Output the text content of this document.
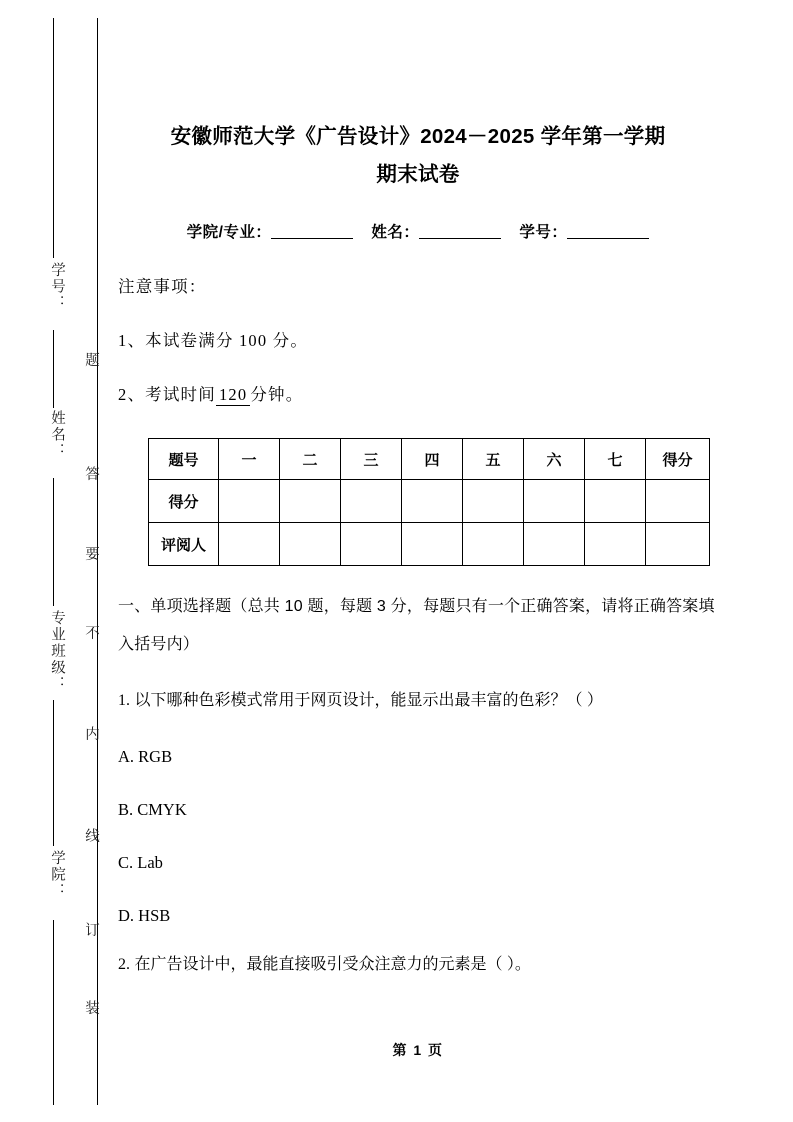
学号：
姓名：
专业班级：
学院：
题
答
要
不
内
线
订
装
安徽师范大学《广告设计》2024－2025 学年第一学期
期末试卷

学院/专业：	姓名：	学号：

注意事项：

1、本试卷满分 100 分。

2、考试时间 120 分钟。

题号	一	二	三	四	五	六	七	得分
得分								
评阅人								

一、单项选择题（总共 10 题，每题 3 分，每题只有一个正确答案，请将正确答案填入括号内）

1. 以下哪种色彩模式常用于网页设计，能显示出最丰富的色彩？（ ）

A. RGB

B. CMYK

C. Lab

D. HSB

2. 在广告设计中，最能直接吸引受众注意力的元素是（ ）。

第 1 页
